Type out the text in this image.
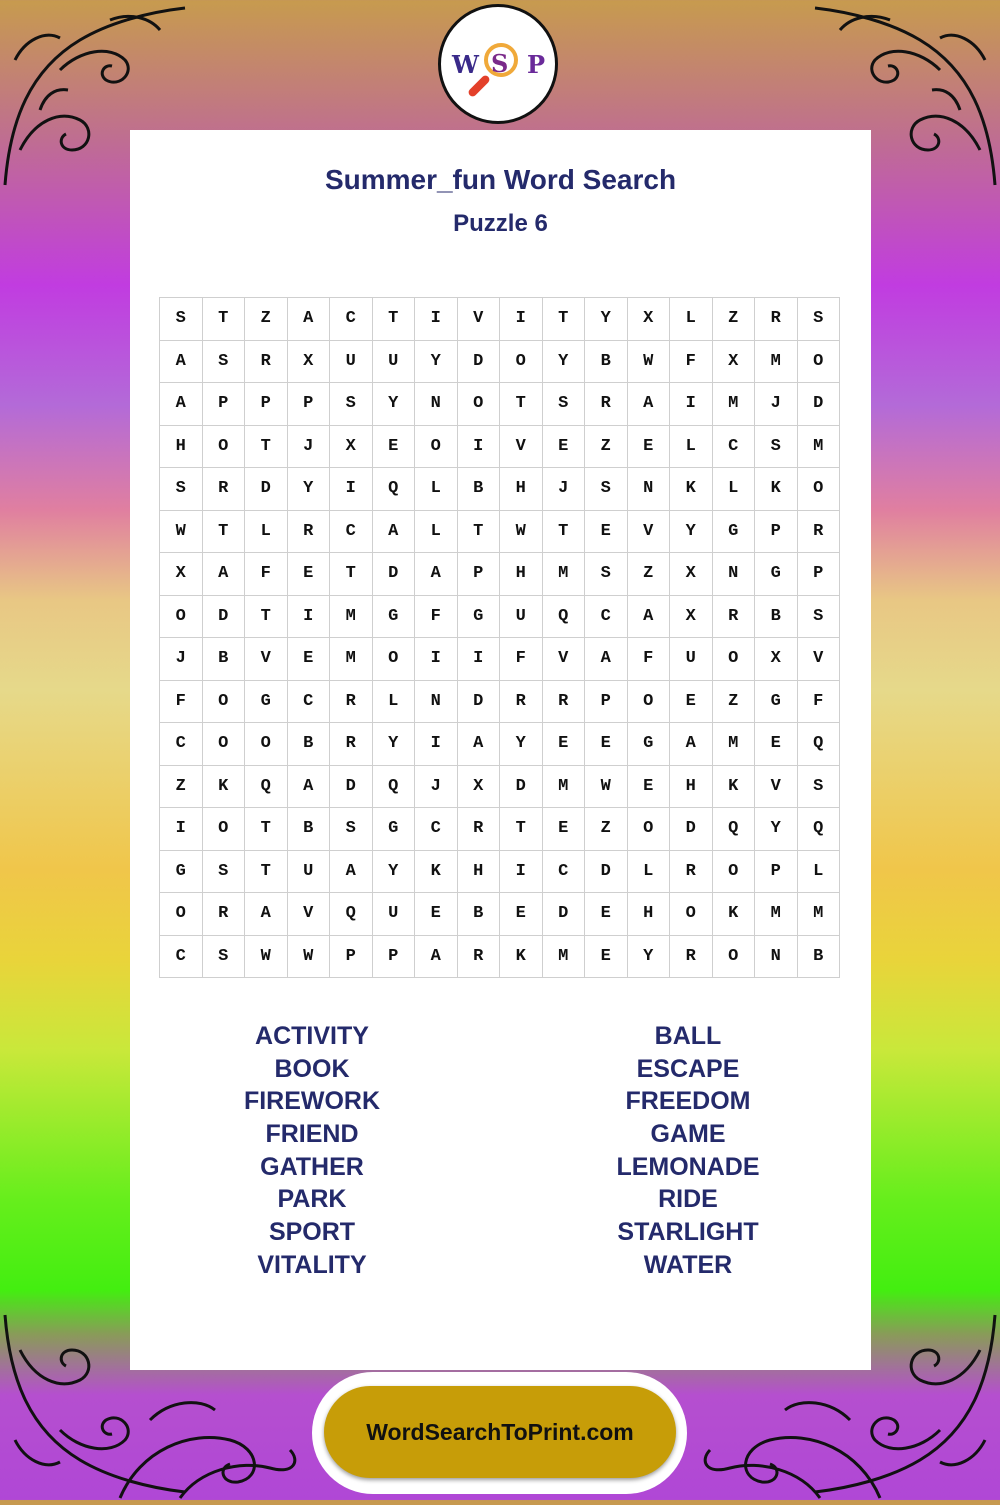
W S P
Summer_fun Word Search
Puzzle 6
S	T	Z	A	C	T	I	V	I	T	Y	X	L	Z	R	S
A	S	R	X	U	U	Y	D	O	Y	B	W	F	X	M	O
A	P	P	P	S	Y	N	O	T	S	R	A	I	M	J	D
H	O	T	J	X	E	O	I	V	E	Z	E	L	C	S	M
S	R	D	Y	I	Q	L	B	H	J	S	N	K	L	K	O
W	T	L	R	C	A	L	T	W	T	E	V	Y	G	P	R
X	A	F	E	T	D	A	P	H	M	S	Z	X	N	G	P
O	D	T	I	M	G	F	G	U	Q	C	A	X	R	B	S
J	B	V	E	M	O	I	I	F	V	A	F	U	O	X	V
F	O	G	C	R	L	N	D	R	R	P	O	E	Z	G	F
C	O	O	B	R	Y	I	A	Y	E	E	G	A	M	E	Q
Z	K	Q	A	D	Q	J	X	D	M	W	E	H	K	V	S
I	O	T	B	S	G	C	R	T	E	Z	O	D	Q	Y	Q
G	S	T	U	A	Y	K	H	I	C	D	L	R	O	P	L
O	R	A	V	Q	U	E	B	E	D	E	H	O	K	M	M
C	S	W	W	P	P	A	R	K	M	E	Y	R	O	N	B
ACTIVITY
BOOK
FIREWORK
FRIEND
GATHER
PARK
SPORT
VITALITY
BALL
ESCAPE
FREEDOM
GAME
LEMONADE
RIDE
STARLIGHT
WATER
WordSearchToPrint.com
